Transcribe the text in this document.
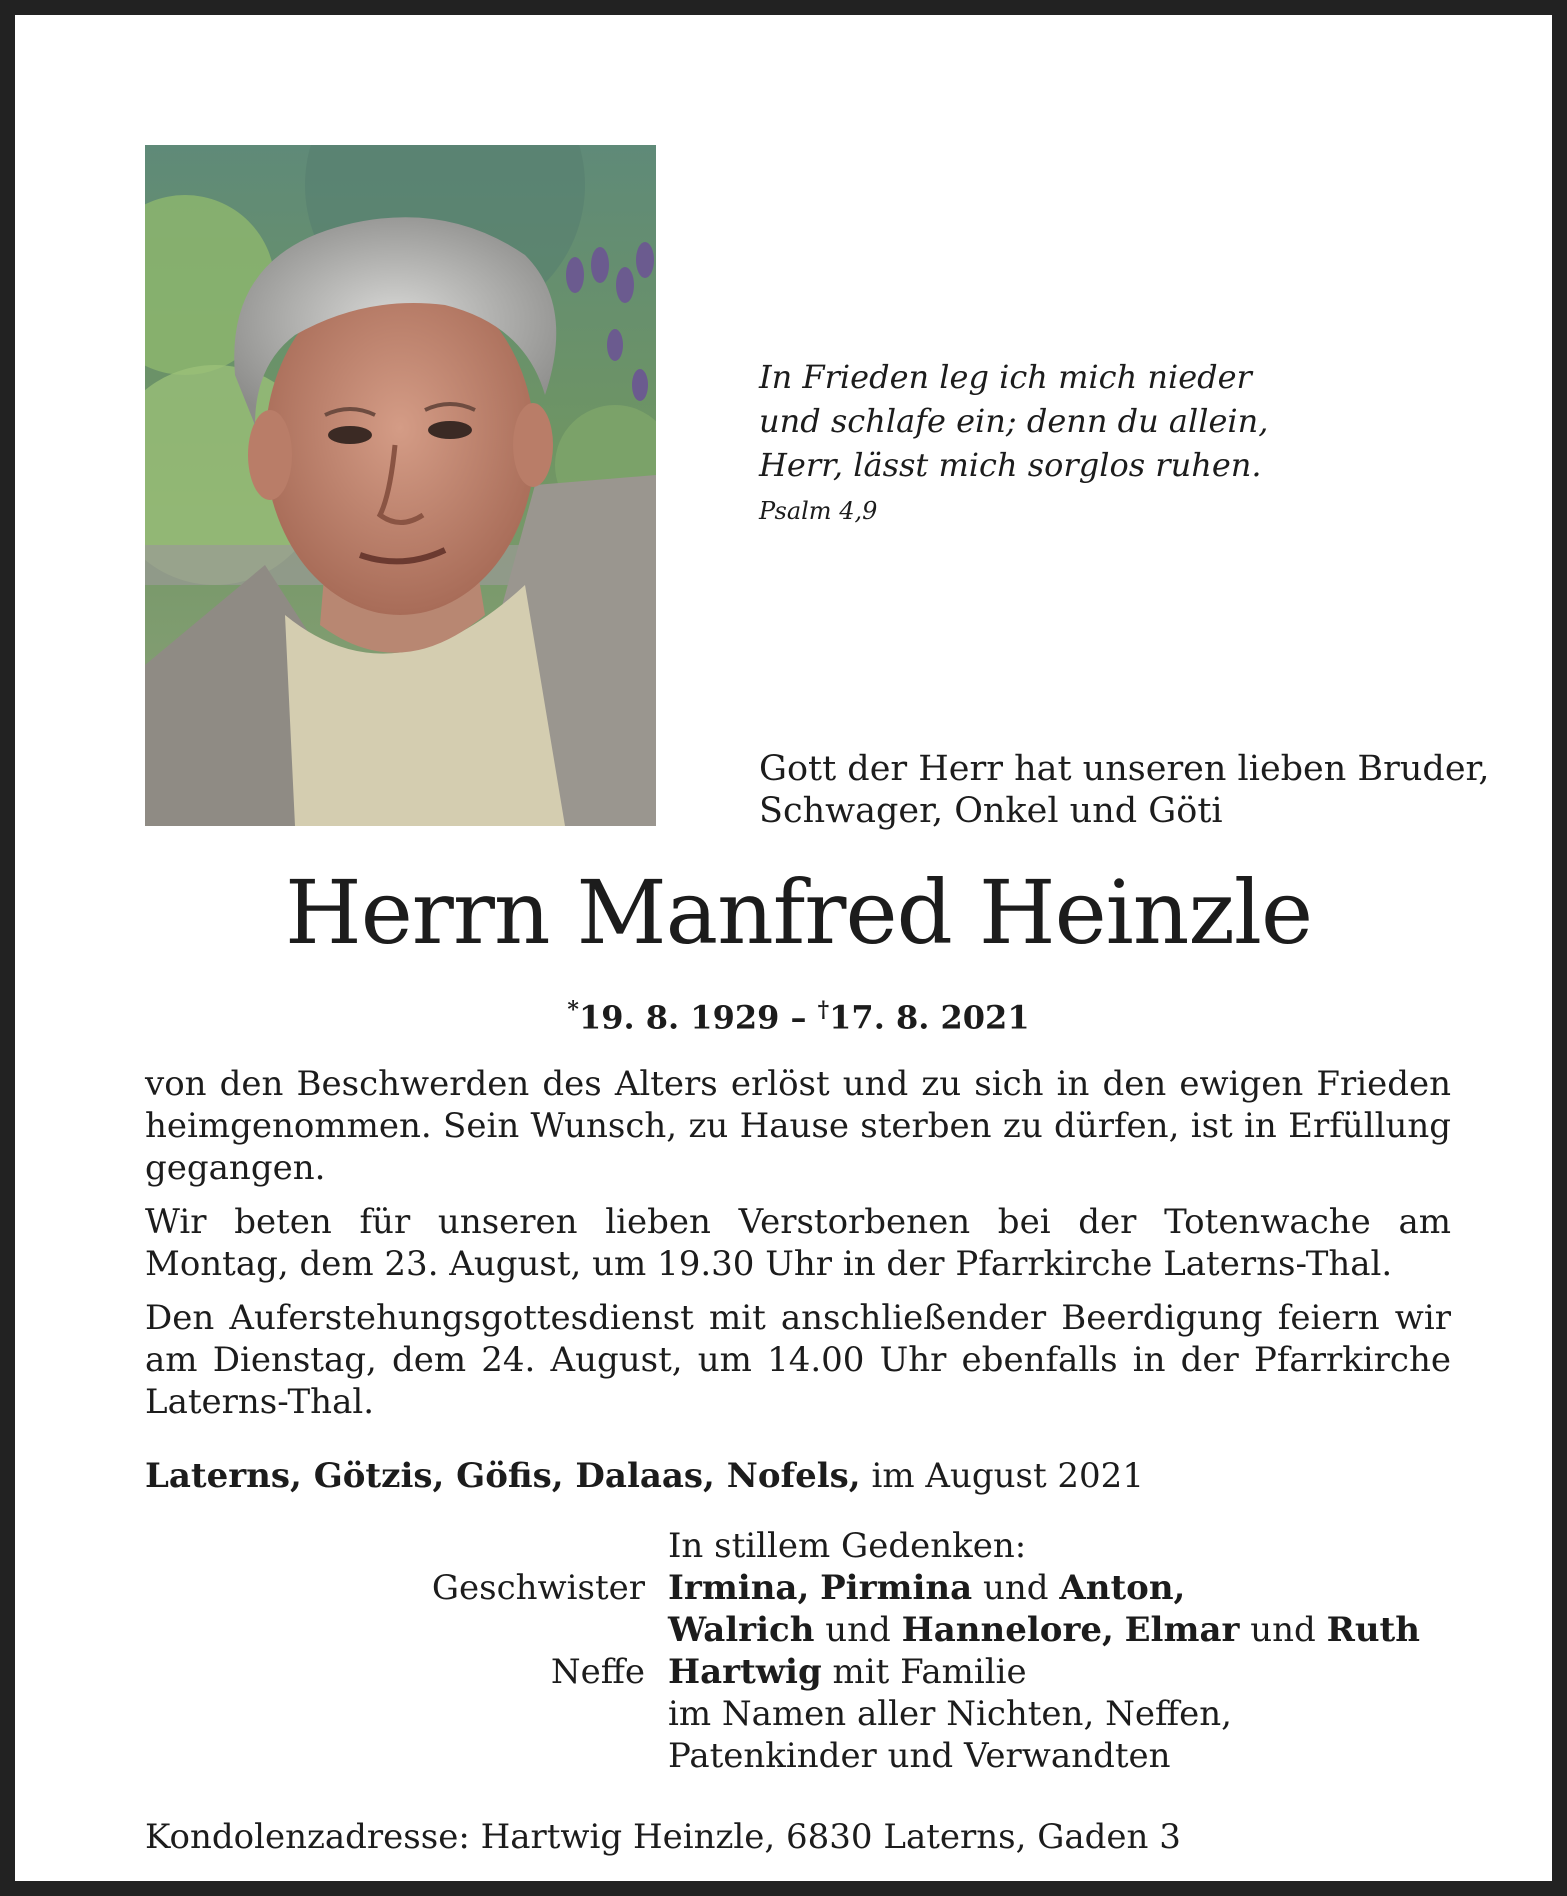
In Frieden leg ich mich nieder
und schlafe ein; denn du allein,
Herr, lässt mich sorglos ruhen.
Psalm 4,9
Gott der Herr hat unseren lieben Bruder,
Schwager, Onkel und Göti
Herrn Manfred Heinzle
*19. 8. 1929 – †17. 8. 2021

von den Beschwerden des Alters erlöst und zu sich in den ewigen Frieden heimgenommen. Sein Wunsch, zu Hause sterben zu dürfen, ist in Erfüllung gegangen.

Wir beten für unseren lieben Verstorbenen bei der Totenwache am Montag, dem 23. August, um 19.30 Uhr in der Pfarrkirche Laterns-Thal.

Den Auferstehungsgottesdienst mit anschließender Beerdigung feiern wir am Dienstag, dem 24. August, um 14.00 Uhr ebenfalls in der Pfarrkirche Laterns-Thal.

Laterns, Götzis, Göfis, Dalaas, Nofels, im August 2021
In stillem Gedenken:
Geschwister Irmina, Pirmina und Anton,
Walrich und Hannelore, Elmar und Ruth
Neffe Hartwig mit Familie
im Namen aller Nichten, Neffen,
Patenkinder und Verwandten
Kondolenzadresse: Hartwig Heinzle, 6830 Laterns, Gaden 3
